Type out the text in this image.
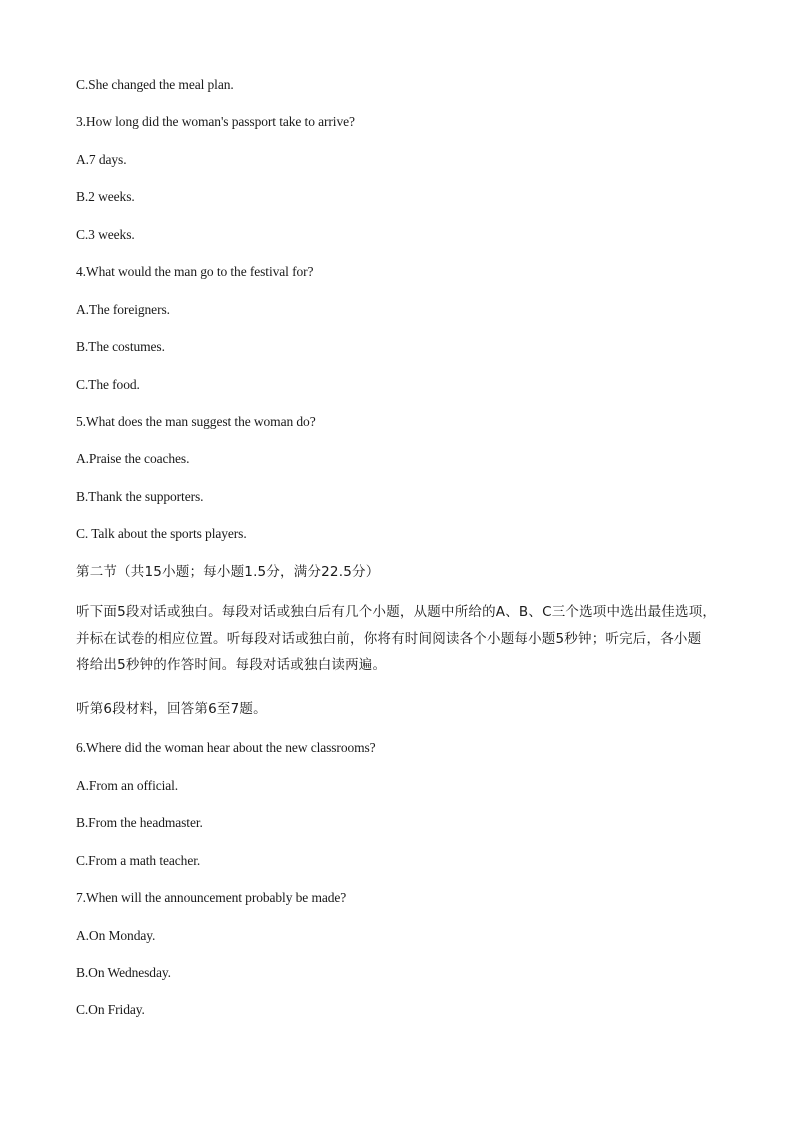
C.She changed the meal plan.
3.How long did the woman's passport take to arrive?
A.7 days.
B.2 weeks.
C.3 weeks.
4.What would the man go to the festival for?
A.The foreigners.
B.The costumes.
C.The food.
5.What does the man suggest the woman do?
A.Praise the coaches.
B.Thank the supporters.
C. Talk about the sports players.
第二节（共15小题；每小题1.5分，满分22.5分）
听下面5段对话或独白。每段对话或独白后有几个小题，从题中所给的A、B、C三个选项中选出最佳选项，
并标在试卷的相应位置。听每段对话或独白前，你将有时间阅读各个小题每小题5秒钟；听完后，各小题
将给出5秒钟的作答时间。每段对话或独白读两遍。
听第6段材料，回答第6至7题。
6.Where did the woman hear about the new classrooms?
A.From an official.
B.From the headmaster.
C.From a math teacher.
7.When will the announcement probably be made?
A.On Monday.
B.On Wednesday.
C.On Friday.
